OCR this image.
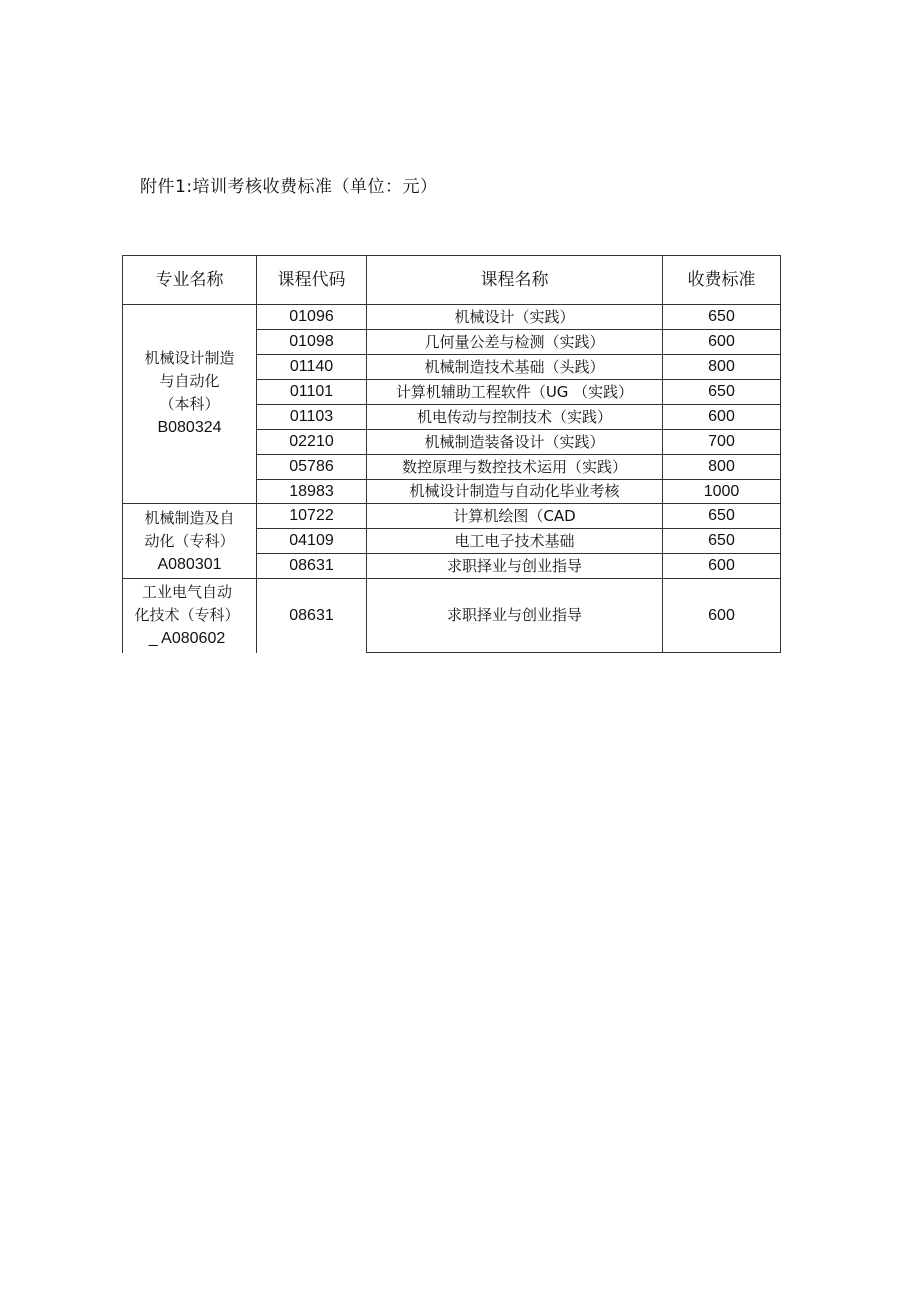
附件1:培训考核收费标准（单位：元）
专业名称	课程代码	课程名称	收费标准
机械设计制造
与自动化
（本科）
B080324
01096	机械设计（实践）	650
01098	几何量公差与检测（实践）	600
01140	机械制造技术基础（头践）	800
01101	计算机辅助工程软件（UG （实践）	650
01103	机电传动与控制技术（实践）	600
02210	机械制造装备设计（实践）	700
05786	数控原理与数控技术运用（实践）	800
18983	机械设计制造与自动化毕业考核	1000
机械制造及自
动化（专科）
A080301
10722	计算机绘图（CAD	650
04109	电工电子技术基础	650
08631	求职择业与创业指导	600
工业电气自动
化技术（专科）
_ A080602
08631	求职择业与创业指导	600
